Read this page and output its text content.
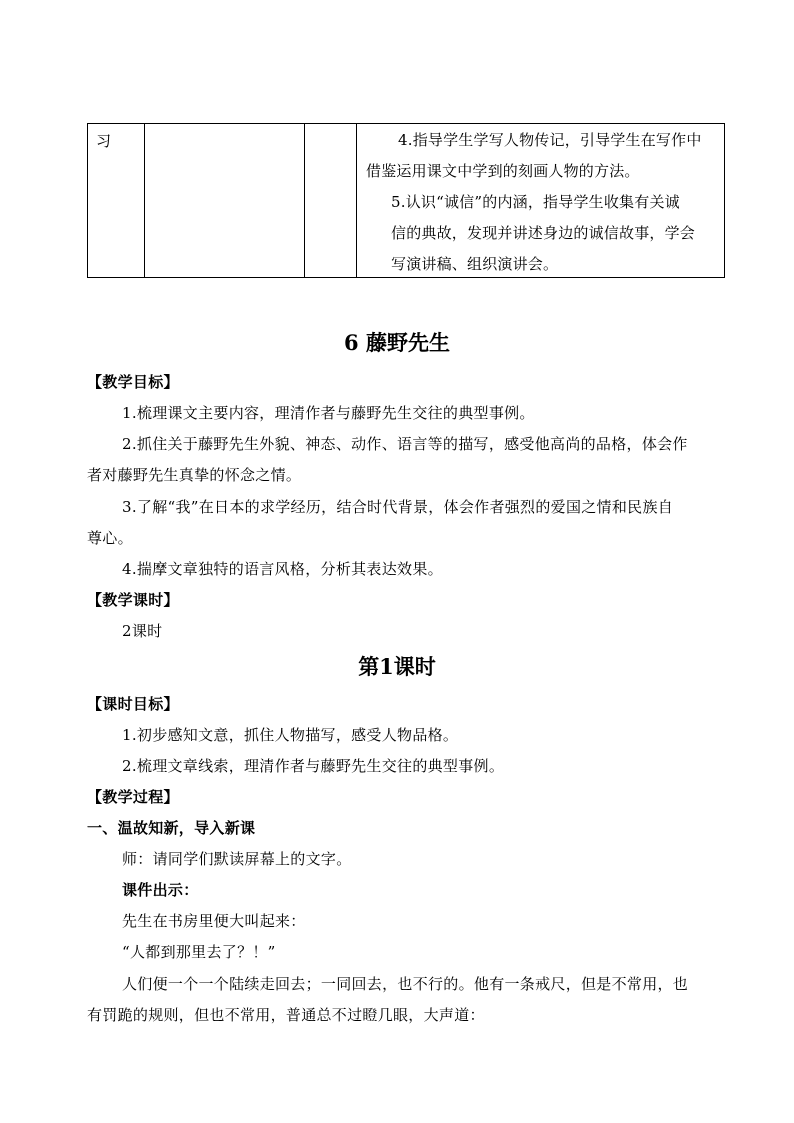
习	4.指导学生学写人物传记，引导学生在写作中

借鉴运用课文中学到的刻画人物的方法。

5.认识“诚信”的内涵，指导学生收集有关诚

信的典故，发现并讲述身边的诚信故事，学会

写演讲稿、组织演讲会。

6 藤野先生
【教学目标】
1.梳理课文主要内容，理清作者与藤野先生交往的典型事例。
2.抓住关于藤野先生外貌、神态、动作、语言等的描写，感受他高尚的品格，体会作
者对藤野先生真挚的怀念之情。
3.了解“我”在日本的求学经历，结合时代背景，体会作者强烈的爱国之情和民族自
尊心。
4.揣摩文章独特的语言风格，分析其表达效果。
【教学课时】
2课时
第1课时
【课时目标】
1.初步感知文意，抓住人物描写，感受人物品格。
2.梳理文章线索，理清作者与藤野先生交往的典型事例。
【教学过程】
一、温故知新，导入新课
师：请同学们默读屏幕上的文字。
课件出示：
先生在书房里便大叫起来：
“人都到那里去了？！”
人们便一个一个陆续走回去；一同回去，也不行的。他有一条戒尺，但是不常用，也
有罚跪的规则，但也不常用，普通总不过瞪几眼，大声道：
